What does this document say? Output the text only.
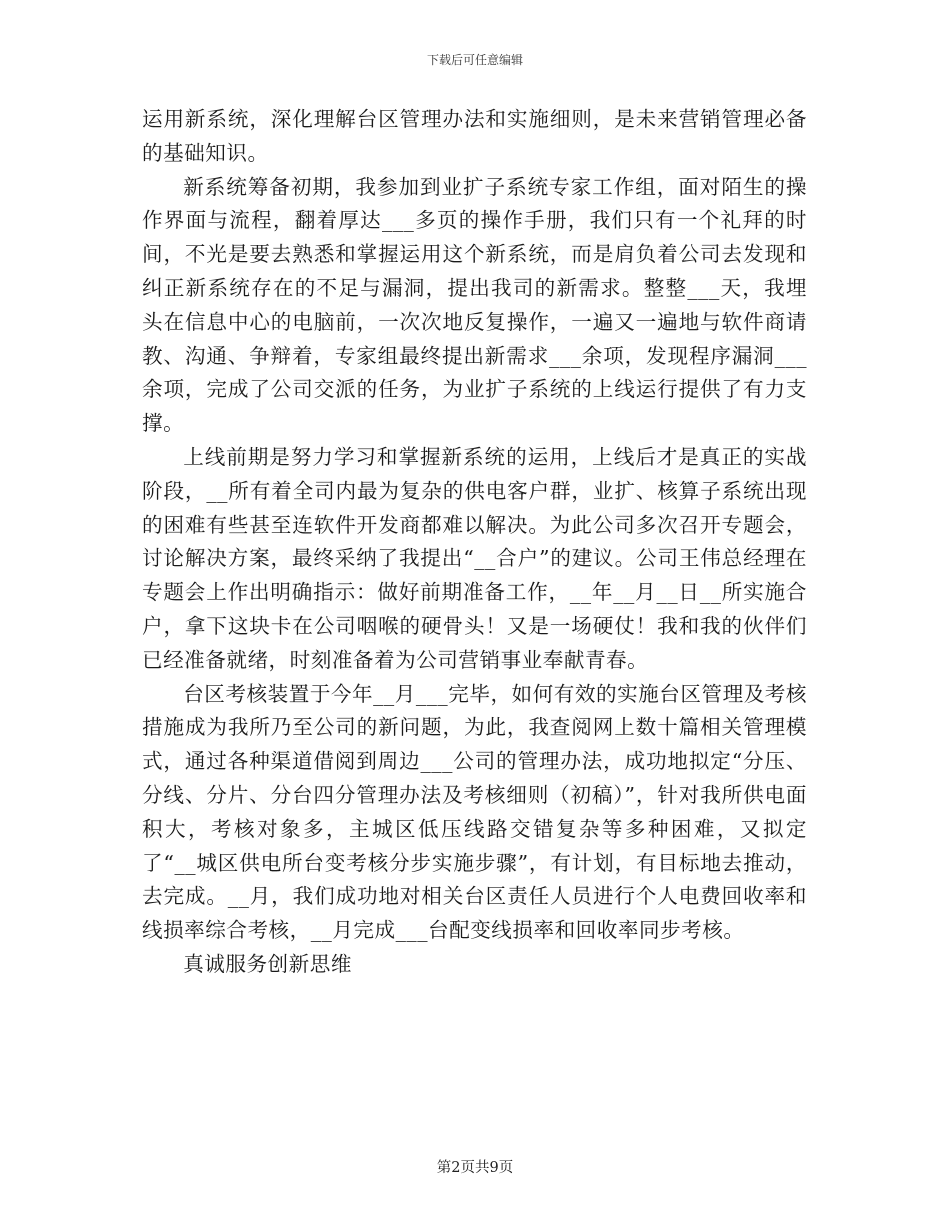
下载后可任意编辑

运用新系统，深化理解台区管理办法和实施细则，是未来营销管理必备的基础知识。

新系统筹备初期，我参加到业扩子系统专家工作组，面对陌生的操作界面与流程，翻着厚达___多页的操作手册，我们只有一个礼拜的时间，不光是要去熟悉和掌握运用这个新系统，而是肩负着公司去发现和纠正新系统存在的不足与漏洞，提出我司的新需求。整整___天，我埋头在信息中心的电脑前，一次次地反复操作，一遍又一遍地与软件商请教、沟通、争辩着，专家组最终提出新需求___余项，发现程序漏洞___余项，完成了公司交派的任务，为业扩子系统的上线运行提供了有力支撑。

上线前期是努力学习和掌握新系统的运用，上线后才是真正的实战阶段，__所有着全司内最为复杂的供电客户群，业扩、核算子系统出现的困难有些甚至连软件开发商都难以解决。为此公司多次召开专题会，讨论解决方案，最终采纳了我提出“__合户”的建议。公司王伟总经理在专题会上作出明确指示：做好前期准备工作，__年__月__日__所实施合户，拿下这块卡在公司咽喉的硬骨头！又是一场硬仗！我和我的伙伴们已经准备就绪，时刻准备着为公司营销事业奉献青春。

台区考核装置于今年__月___完毕，如何有效的实施台区管理及考核措施成为我所乃至公司的新问题，为此，我查阅网上数十篇相关管理模式，通过各种渠道借阅到周边___公司的管理办法，成功地拟定“分压、分线、分片、分台四分管理办法及考核细则（初稿）”，针对我所供电面积大，考核对象多，主城区低压线路交错复杂等多种困难，又拟定了“__城区供电所台变考核分步实施步骤”，有计划，有目标地去推动，去完成。__月，我们成功地对相关台区责任人员进行个人电费回收率和线损率综合考核，__月完成___台配变线损率和回收率同步考核。

真诚服务创新思维

第2页共9页
